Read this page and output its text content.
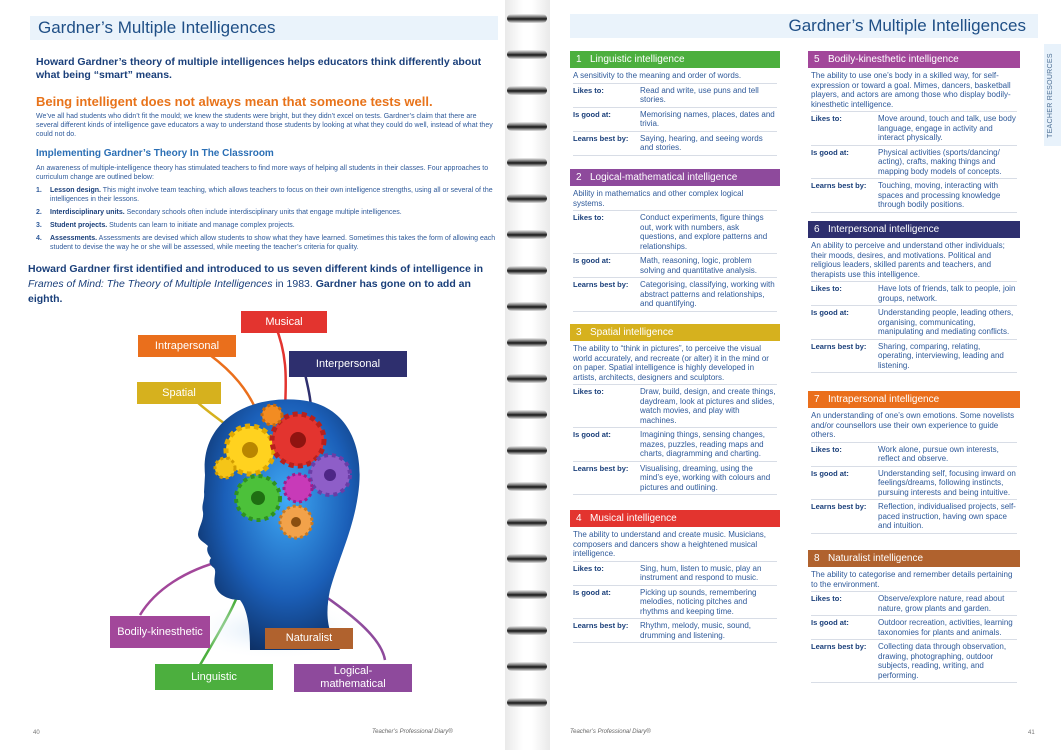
Gardner’s Multiple Intelligences
Howard Gardner’s theory of multiple intelligences helps educators think differently about what being “smart” means.
Being intelligent does not always mean that someone tests well.
We’ve all had students who didn’t fit the mould; we knew the students were bright, but they didn’t excel on tests. Gardner’s claim that there are several different kinds of intelligence gave educators a way to understand those students by looking at what they could do well, instead of what they could not do.
Implementing Gardner’s Theory In The Classroom
An awareness of multiple-intelligence theory has stimulated teachers to find more ways of helping all students in their classes. Four approaches to curriculum change are outlined below:
1. Lesson design. This might involve team teaching, which allows teachers to focus on their own intelligence strengths, using all or several of the intelligences in their lessons.
2. Interdisciplinary units. Secondary schools often include interdisciplinary units that engage multiple intelligences.
3. Student projects. Students can learn to initiate and manage complex projects.
4. Assessments. Assessments are devised which allow students to show what they have learned. Sometimes this takes the form of allowing each student to devise the way he or she will be assessed, while meeting the teacher’s criteria for quality.
Howard Gardner first identified and introduced to us seven different kinds of intelligence in Frames of Mind: The Theory of Multiple Intelligences in 1983. Gardner has gone on to add an eighth.
Musical
Intrapersonal
Interpersonal
Spatial
Bodily-kinesthetic	Naturalist
Linguistic	Logical-
mathematical
40	Teacher’s Professional Diary®
Gardner’s Multiple Intelligences
TEACHER RESOURCES
1 Linguistic intelligence
A sensitivity to the meaning and order of words.
Likes to:	Read and write, use puns and tell stories.
Is good at:	Memorising names, places, dates and trivia.
Learns best by:	Saying, hearing, and seeing words and stories.
2 Logical-mathematical intelligence
Ability in mathematics and other complex logical systems.
Likes to:	Conduct experiments, figure things out, work with numbers, ask questions, and explore patterns and relationships.
Is good at:	Math, reasoning, logic, problem solving and quantitative analysis.
Learns best by:	Categorising, classifying, working with abstract patterns and relationships, and quantifying.
3 Spatial intelligence
The ability to “think in pictures”, to perceive the visual world accurately, and recreate (or alter) it in the mind or on paper. Spatial intelligence is highly developed in artists, architects, designers and sculptors.
Likes to:	Draw, build, design, and create things, daydream, look at pictures and slides, watch movies, and play with machines.
Is good at:	Imagining things, sensing changes, mazes, puzzles, reading maps and charts, diagramming and charting.
Learns best by:	Visualising, dreaming, using the mind’s eye, working with colours and pictures and outlining.
4 Musical intelligence
The ability to understand and create music. Musicians, composers and dancers show a heightened musical intelligence.
Likes to:	Sing, hum, listen to music, play an instrument and respond to music.
Is good at:	Picking up sounds, remembering melodies, noticing pitches and rhythms and keeping time.
Learns best by:	Rhythm, melody, music, sound, drumming and listening.
5 Bodily-kinesthetic intelligence
The ability to use one’s body in a skilled way, for self-expression or toward a goal. Mimes, dancers, basketball players, and actors are among those who display bodily-kinesthetic intelligence.
Likes to:	Move around, touch and talk, use body language, engage in activity and interact physically.
Is good at:	Physical activities (sports/dancing/ acting), crafts, making things and mapping body models of concepts.
Learns best by:	Touching, moving, interacting with spaces and processing knowledge through bodily positions.
6 Interpersonal intelligence
An ability to perceive and understand other individuals; their moods, desires, and motivations. Political and religious leaders, skilled parents and teachers, and therapists use this intelligence.
Likes to:	Have lots of friends, talk to people, join groups, network.
Is good at:	Understanding people, leading others, organising, communicating, manipulating and mediating conflicts.
Learns best by:	Sharing, comparing, relating, operating, interviewing, leading and listening.
7 Intrapersonal intelligence
An understanding of one’s own emotions. Some novelists and/or counsellors use their own experience to guide others.
Likes to:	Work alone, pursue own interests, reflect and observe.
Is good at:	Understanding self, focusing inward on feelings/dreams, following instincts, pursuing interests and being intuitive.
Learns best by:	Reflection, individualised projects, self-paced instruction, having own space and intuition.
8 Naturalist intelligence
The ability to categorise and remember details pertaining to the environment.
Likes to:	Observe/explore nature, read about nature, grow plants and garden.
Is good at:	Outdoor recreation, activities, learning taxonomies for plants and animals.
Learns best by:	Collecting data through observation, drawing, photographing, outdoor subjects, reading, writing, and performing.
Teacher’s Professional Diary®	41
